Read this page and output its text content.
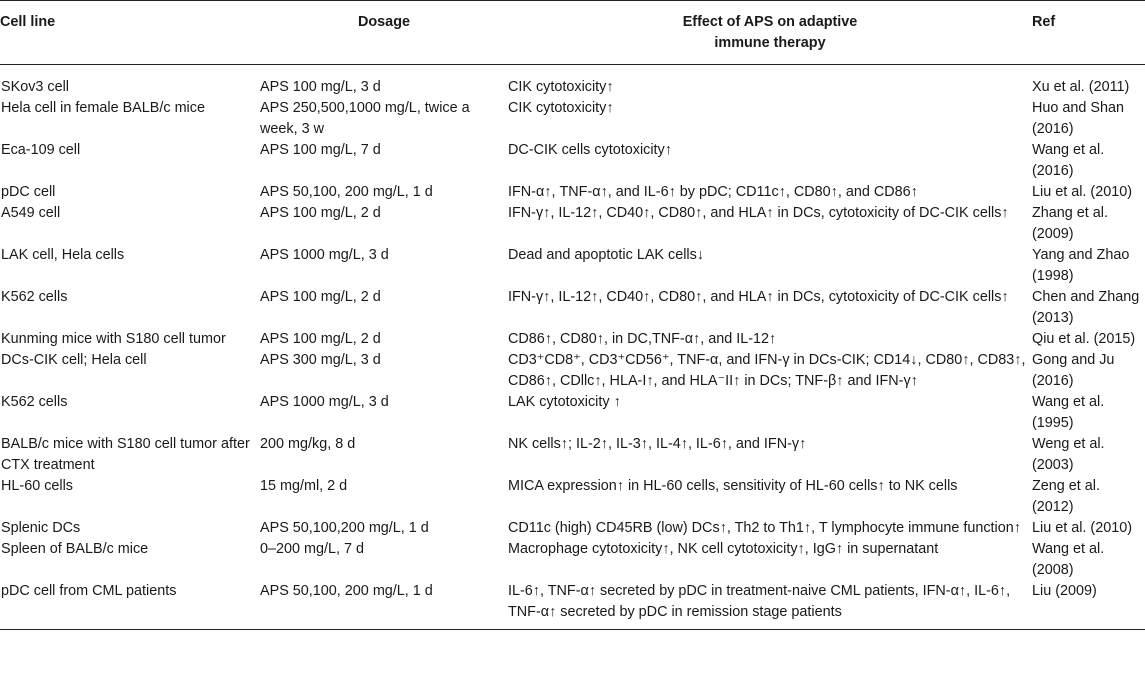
Cell line	Dosage	Effect of APS on adaptive immune therapy	Ref
SKov3 cell	APS 100 mg/L, 3 d	CIK cytotoxicity↑	Xu et al. (2011)
Hela cell in female BALB/c mice	APS 250,500,1000 mg/L, twice a week, 3 w	CIK cytotoxicity↑	Huo and Shan (2016)
Eca-109 cell	APS 100 mg/L, 7 d	DC-CIK cells cytotoxicity↑	Wang et al. (2016)
pDC cell	APS 50,100, 200 mg/L, 1 d	IFN-α↑, TNF-α↑, and IL-6↑ by pDC; CD11c↑, CD80↑, and CD86↑	Liu et al. (2010)
A549 cell	APS 100 mg/L, 2 d	IFN-γ↑, IL-12↑, CD40↑, CD80↑, and HLA↑ in DCs, cytotoxicity of DC-CIK cells↑	Zhang et al. (2009)
LAK cell, Hela cells	APS 1000 mg/L, 3 d	Dead and apoptotic LAK cells↓	Yang and Zhao (1998)
K562 cells	APS 100 mg/L, 2 d	IFN-γ↑, IL-12↑, CD40↑, CD80↑, and HLA↑ in DCs, cytotoxicity of DC-CIK cells↑	Chen and Zhang (2013)
Kunming mice with S180 cell tumor	APS 100 mg/L, 2 d	CD86↑, CD80↑, in DC,TNF-α↑, and IL-12↑	Qiu et al. (2015)
DCs-CIK cell; Hela cell	APS 300 mg/L, 3 d	CD3⁺CD8⁺, CD3⁺CD56⁺, TNF-α, and IFN-γ in DCs-CIK; CD14↓, CD80↑, CD83↑, CD86↑, CDllc↑, HLA-I↑, and HLA⁻II↑ in DCs; TNF-β↑ and IFN-γ↑	Gong and Ju (2016)
K562 cells	APS 1000 mg/L, 3 d	LAK cytotoxicity ↑	Wang et al. (1995)
BALB/c mice with S180 cell tumor after CTX treatment	200 mg/kg, 8 d	NK cells↑; IL-2↑, IL-3↑, IL-4↑, IL-6↑, and IFN-γ↑	Weng et al. (2003)
HL-60 cells	15 mg/ml, 2 d	MICA expression↑ in HL-60 cells, sensitivity of HL-60 cells↑ to NK cells	Zeng et al. (2012)
Splenic DCs	APS 50,100,200 mg/L, 1 d	CD11c (high) CD45RB (low) DCs↑, Th2 to Th1↑, T lymphocyte immune function↑	Liu et al. (2010)
Spleen of BALB/c mice	0–200 mg/L, 7 d	Macrophage cytotoxicity↑, NK cell cytotoxicity↑, IgG↑ in supernatant	Wang et al. (2008)
pDC cell from CML patients	APS 50,100, 200 mg/L, 1 d	IL-6↑, TNF-α↑ secreted by pDC in treatment-naive CML patients, IFN-α↑, IL-6↑, TNF-α↑ secreted by pDC in remission stage patients	Liu (2009)
